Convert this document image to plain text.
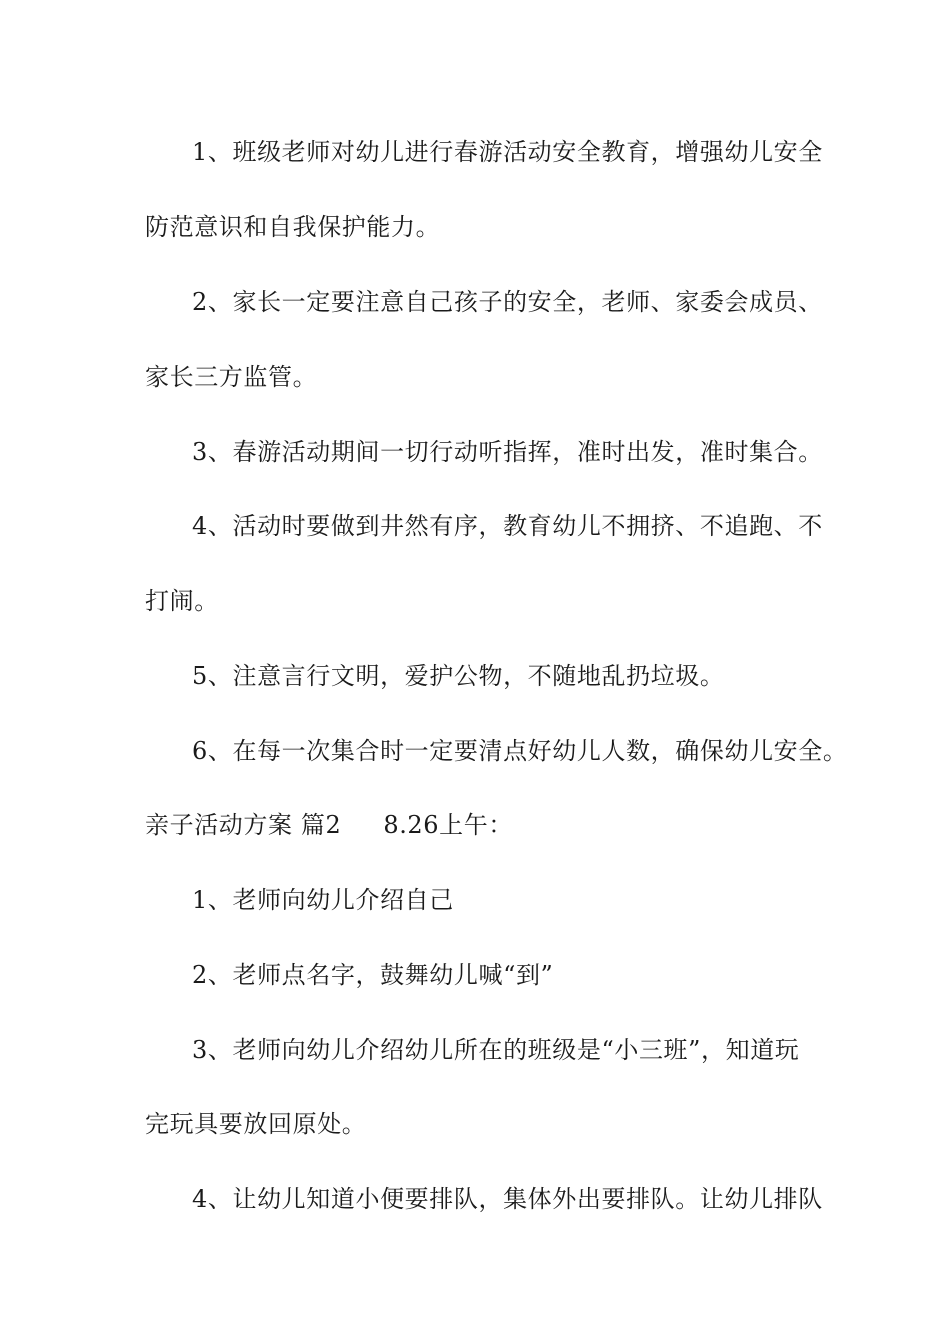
1、班级老师对幼儿进行春游活动安全教育，增强幼儿安全
防范意识和自我保护能力。
2、家长一定要注意自己孩子的安全，老师、家委会成员、
家长三方监管。
3、春游活动期间一切行动听指挥，准时出发，准时集合。
4、活动时要做到井然有序，教育幼儿不拥挤、不追跑、不
打闹。
5、注意言行文明，爱护公物，不随地乱扔垃圾。
6、在每一次集合时一定要清点好幼儿人数，确保幼儿安全。
亲子活动方案 篇2 8.26上午：
1、老师向幼儿介绍自己
2、老师点名字，鼓舞幼儿喊“到”
3、老师向幼儿介绍幼儿所在的班级是“小三班”，知道玩
完玩具要放回原处。
4、让幼儿知道小便要排队，集体外出要排队。让幼儿排队
